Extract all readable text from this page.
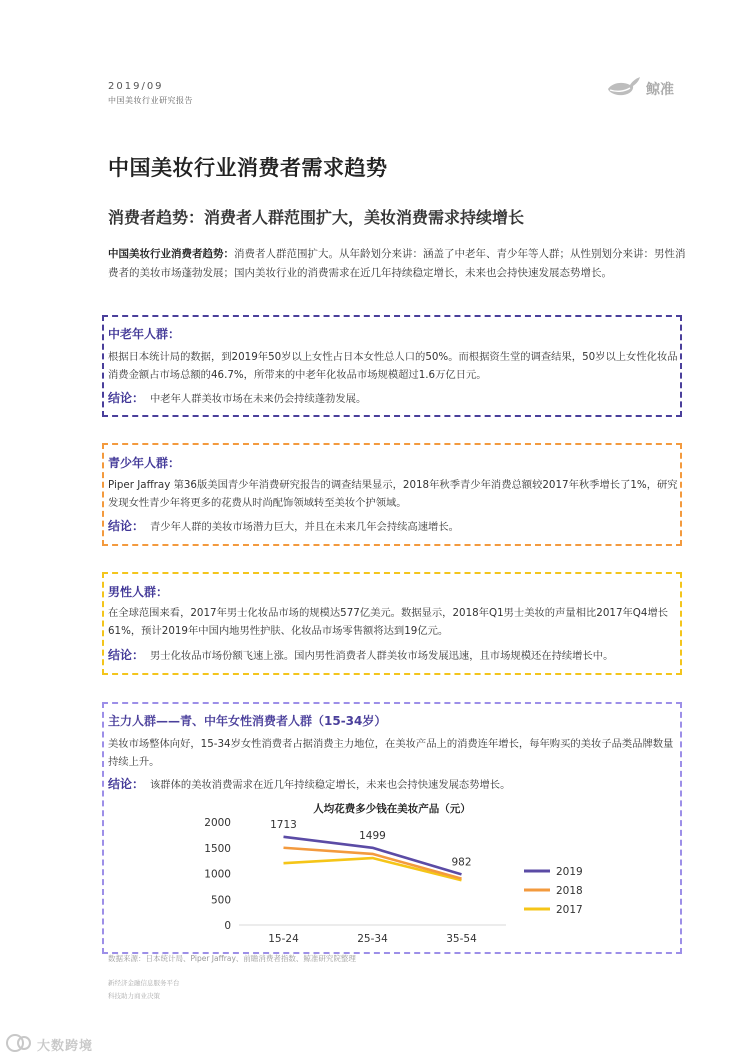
2019/09
中国美妆行业研究报告
鲸准
中国美妆行业消费者需求趋势
消费者趋势：消费者人群范围扩大，美妆消费需求持续增长
中国美妆行业消费者趋势：消费者人群范围扩大。从年龄划分来讲：涵盖了中老年、青少年等人群；从性别划分来讲：男性消费者的美妆市场蓬勃发展；国内美妆行业的消费需求在近几年持续稳定增长，未来也会持快速发展态势增长。
中老年人群：
根据日本统计局的数据，到2019年50岁以上女性占日本女性总人口的50%。而根据资生堂的调查结果，50岁以上女性化妆品消费金额占市场总额的46.7%，所带来的中老年化妆品市场规模超过1.6万亿日元。
结论： 中老年人群美妆市场在未来仍会持续蓬勃发展。
青少年人群：
Piper Jaffray 第36版美国青少年消费研究报告的调查结果显示，2018年秋季青少年消费总额较2017年秋季增长了1%，研究发现女性青少年将更多的花费从时尚配饰领域转至美妆个护领域。
结论： 青少年人群的美妆市场潜力巨大，并且在未来几年会持续高速增长。
男性人群：
在全球范围来看，2017年男士化妆品市场的规模达577亿美元。数据显示，2018年Q1男士美妆的声量相比2017年Q4增长61%，预计2019年中国内地男性护肤、化妆品市场零售额将达到19亿元。
结论： 男士化妆品市场份额飞速上涨。国内男性消费者人群美妆市场发展迅速，且市场规模还在持续增长中。
主力人群——青、中年女性消费者人群（15-34岁）
美妆市场整体向好，15-34岁女性消费者占据消费主力地位，在美妆产品上的消费连年增长，每年购买的美妆子品类品牌数量持续上升。
结论： 该群体的美妆消费需求在近几年持续稳定增长，未来也会持快速发展态势增长。
人均花费多少钱在美妆产品（元）
0
500
1000
1500
2000
15-24	25-34	35-54
1713
1499
982
2019
2018
2017
数据来源：日本统计局、Piper Jaffray、前瞻消费者指数、鲸准研究院整理
新经济金融信息服务平台
科技助力商业决策
大数跨境
